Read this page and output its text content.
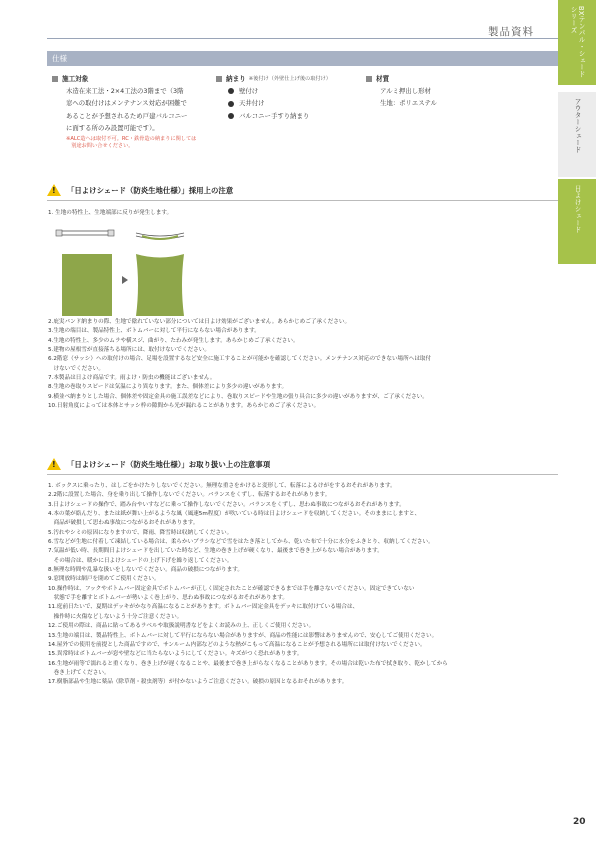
製品資料	BXテンパル・シェード シリーズ
アウターシェード
日よけシェード
仕様
施工対象
木造在来工法・2×4工法の3階まで（3階
窓への取付けはメンテナンス対応が困難で
あることが予想されるため戸建バルコニー
に面する所のみ設置可能です）。
※ALC造へは取付不可。RC・鉄骨造の納まりに関しては
　別途お問い合せください。
納まり ※後付け（外壁仕上げ後の取付け）
壁付け
天井付け
バルコニー手すり納まり
材質
アルミ押出し形材
生地：ポリエステル
!
「日よけシェード（防炎生地仕様）」採用上の注意
1. 生地の特性上、生地端部に反りが発生します。
2.庇実バンド納まりの際、生地で陰れていない部分については日よけ効果がございません。あらかじめご了承ください。
3.生地の端目は、製品特性上、ボトムバーに対して平行にならない場合があります。
4.生地の特性上、多少のムラや横スジ、曲がり、たわみが発生します。あらかじめご了承ください。
5.建物の屋根雪が直接落ちる場所には、取付けないでください。
6.2階窓（サッシ）への取付けの場合、足場を設置するなど安全に施工することが可能かを確認してください。メンテナンス対応のできない場所へは取付
　けないでください。
7.本製品は日よけ商品です。雨よけ・防虫の機能はございません。
8.生地の巻取りスピードは気温により異なります。また、個体差により多少の違いがあります。
9.横並べ納まりとした場合、個体差や固定金具の施工誤差などにより、巻取りスピードや生地の張り具合に多少の違いがありますが、ご了承ください。
10.日射角度によっては本体とサッシ枠の隙間から光が漏れることがあります。あらかじめご了承ください。
!
「日よけシェード（防炎生地仕様）」お取り扱い上の注意事項
1. ボックスに乗ったり、はしごをかけたりしないでください。無理な重さをかけると変形して、転落によるけがをするおそれがあります。
2.2階に設置した場合、身を乗り出して操作しないでください。バランスをくずし、転落するおそれがあります。
3.日よけシェードの操作で、踏み台やいすなどに乗って操作しないでください。バランスをくずし、思わぬ事故につながるおそれがあります。
4.本の葉が絡んだり、または紙が舞い上がるような風（風速5m程度）が吹いている時は日よけシェードを収納してください。そのままにしますと、
　商品が破損して思わぬ事故につながるおそれがあります。
5.汚れやシミの原因になりますので、降雨、降雪時は収納してください。
6.雪などが生地に付着して凍結している場合は、柔らかいブラシなどで雪をはたき落としてから、乾いた布で十分に水分をふきとり、収納してください。
7.気温が低い時、長期間日よけシェードを出していた時など、生地の巻き上げが硬くなり、最後まで巻き上がらない場合があります。
　その場合は、暖かに日よけシェードの上げ下げを繰り返してください。
8.無理な時間や乱暴な扱いをしないでください。商品の破損につながります。
9.窓開放時は網戸を閉めてご使用ください。
10.操作時は、フックやボトムバー固定金具でボトムバーが正しく固定されたことが確認できるまでは手を離さないでください。固定できていない
　状態で手を離すとボトムバーが勢いよく巻上がり、思わぬ事故につながるおそれがあります。
11.庭前日たいで、夏期はデッキがかなり高温になることがあります。ボトムバー固定金具をデッキに取付けている場合は、
　操作時に火傷などしないよう十分ご注意ください。
12.ご使用の際は、商品に貼ってあるラベルや取扱説明書などをよくお読みの上、正しくご使用ください。
13.生地の端目は、製品特性上、ボトムバーに対して平行にならない場合がありますが、商品の性能には影響はありませんので、安心してご使用ください。
14.屋外での使用を前提とした商品ですので、サンルーム内部などのような熱がこもって高温になることが予想される場所には取付けないでください。
15.異常時はボトムバーが窓や壁などに当たらないようにしてください。キズがつく恐れがあります。
16.生地が雨等で濡れると重くなり、巻き上げが遅くなることや、最後まで巻き上がらなくなることがあります。その場合は乾いた布で拭き取り、乾かしてから
　巻き上げてください。
17.樹脂部品や生地に薬品（除草剤・殺虫剤等）が付かないようご注意ください。破損の原因となるおそれがあります。
20
